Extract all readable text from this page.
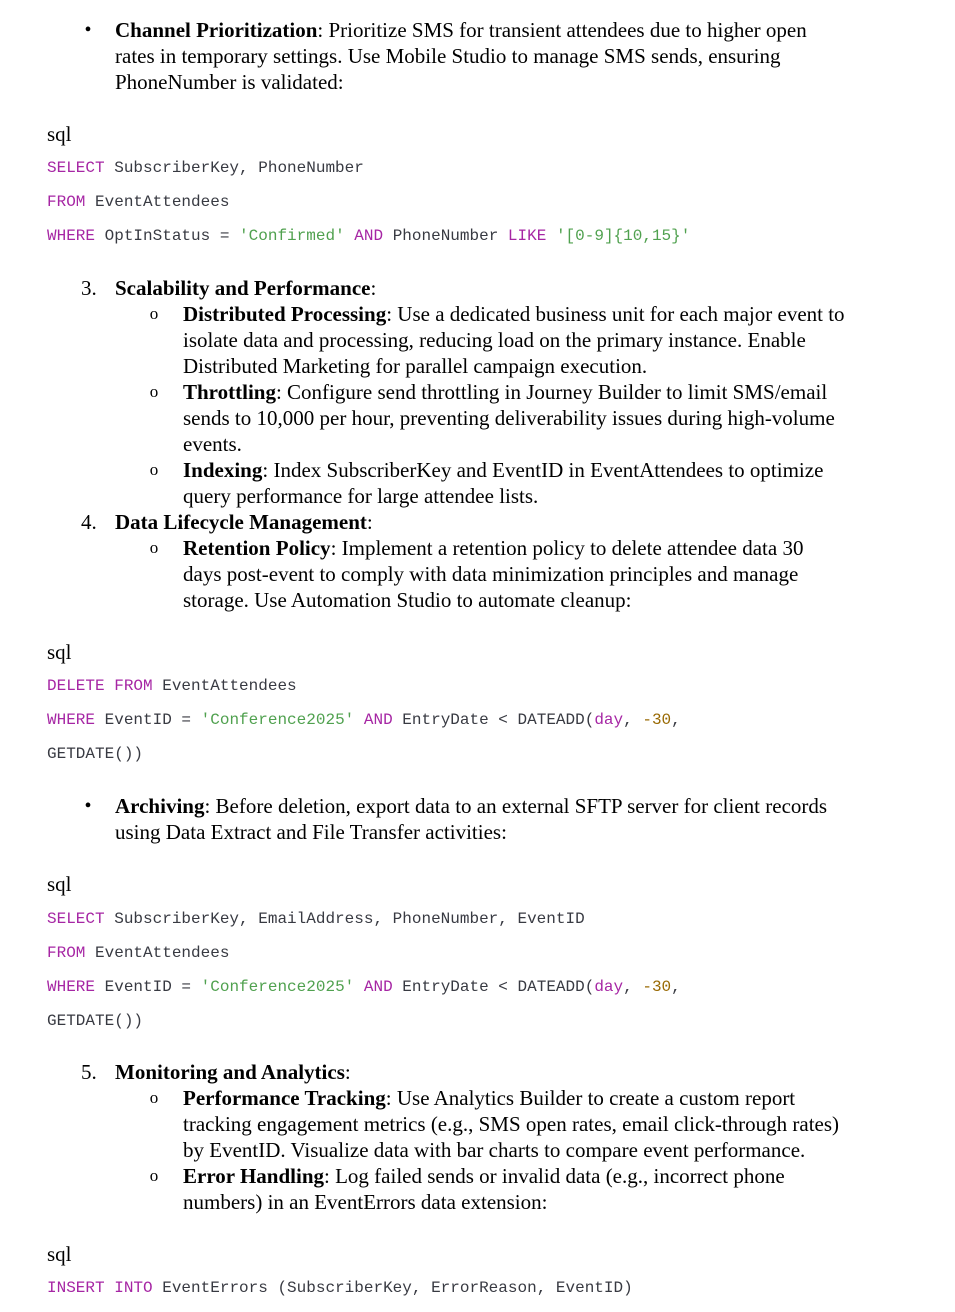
•	Channel Prioritization: Prioritize SMS for transient attendees due to higher open
rates in temporary settings. Use Mobile Studio to manage SMS sends, ensuring
PhoneNumber is validated:
sql
SELECT SubscriberKey, PhoneNumber
FROM EventAttendees
WHERE OptInStatus = 'Confirmed' AND PhoneNumber LIKE '[0-9]{10,15}'
3. Scalability and Performance:
o	Distributed Processing: Use a dedicated business unit for each major event to
isolate data and processing, reducing load on the primary instance. Enable
Distributed Marketing for parallel campaign execution.
o	Throttling: Configure send throttling in Journey Builder to limit SMS/email
sends to 10,000 per hour, preventing deliverability issues during high-volume
events.
o	Indexing: Index SubscriberKey and EventID in EventAttendees to optimize
query performance for large attendee lists.
4. Data Lifecycle Management:
o	Retention Policy: Implement a retention policy to delete attendee data 30
days post-event to comply with data minimization principles and manage
storage. Use Automation Studio to automate cleanup:
sql
DELETE FROM EventAttendees
WHERE EventID = 'Conference2025' AND EntryDate < DATEADD(day, -30,
GETDATE())
•	Archiving: Before deletion, export data to an external SFTP server for client records
using Data Extract and File Transfer activities:
sql
SELECT SubscriberKey, EmailAddress, PhoneNumber, EventID
FROM EventAttendees
WHERE EventID = 'Conference2025' AND EntryDate < DATEADD(day, -30,
GETDATE())
5. Monitoring and Analytics:
o	Performance Tracking: Use Analytics Builder to create a custom report
tracking engagement metrics (e.g., SMS open rates, email click-through rates)
by EventID. Visualize data with bar charts to compare event performance.
o	Error Handling: Log failed sends or invalid data (e.g., incorrect phone
numbers) in an EventErrors data extension:
sql
INSERT INTO EventErrors (SubscriberKey, ErrorReason, EventID)
